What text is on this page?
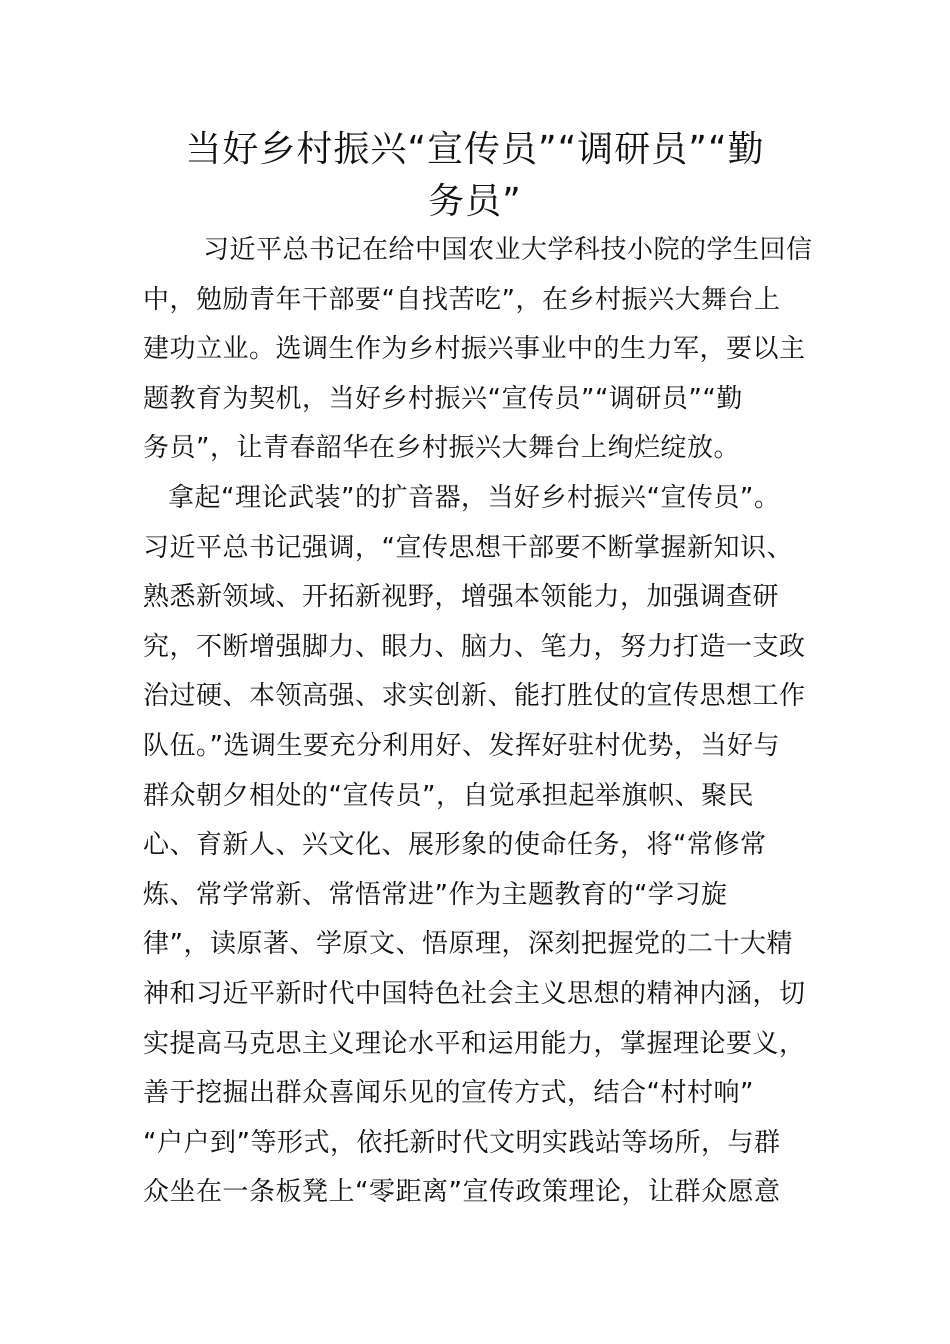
当好乡村振兴“宣传员”“调研员”“勤
务员”
习近平总书记在给中国农业大学科技小院的学生回信
中，勉励青年干部要“自找苦吃”，在乡村振兴大舞台上
建功立业。选调生作为乡村振兴事业中的生力军，要以主
题教育为契机，当好乡村振兴“宣传员”“调研员”“勤
务员”，让青春韶华在乡村振兴大舞台上绚烂绽放。
拿起“理论武装”的扩音器，当好乡村振兴“宣传员”。
习近平总书记强调，“宣传思想干部要不断掌握新知识、
熟悉新领域、开拓新视野，增强本领能力，加强调查研
究，不断增强脚力、眼力、脑力、笔力，努力打造一支政
治过硬、本领高强、求实创新、能打胜仗的宣传思想工作
队伍。”选调生要充分利用好、发挥好驻村优势，当好与
群众朝夕相处的“宣传员”，自觉承担起举旗帜、聚民
心、育新人、兴文化、展形象的使命任务，将“常修常
炼、常学常新、常悟常进”作为主题教育的“学习旋
律”，读原著、学原文、悟原理，深刻把握党的二十大精
神和习近平新时代中国特色社会主义思想的精神内涵，切
实提高马克思主义理论水平和运用能力，掌握理论要义，
善于挖掘出群众喜闻乐见的宣传方式，结合“村村响”
“户户到”等形式，依托新时代文明实践站等场所，与群
众坐在一条板凳上“零距离”宣传政策理论，让群众愿意
